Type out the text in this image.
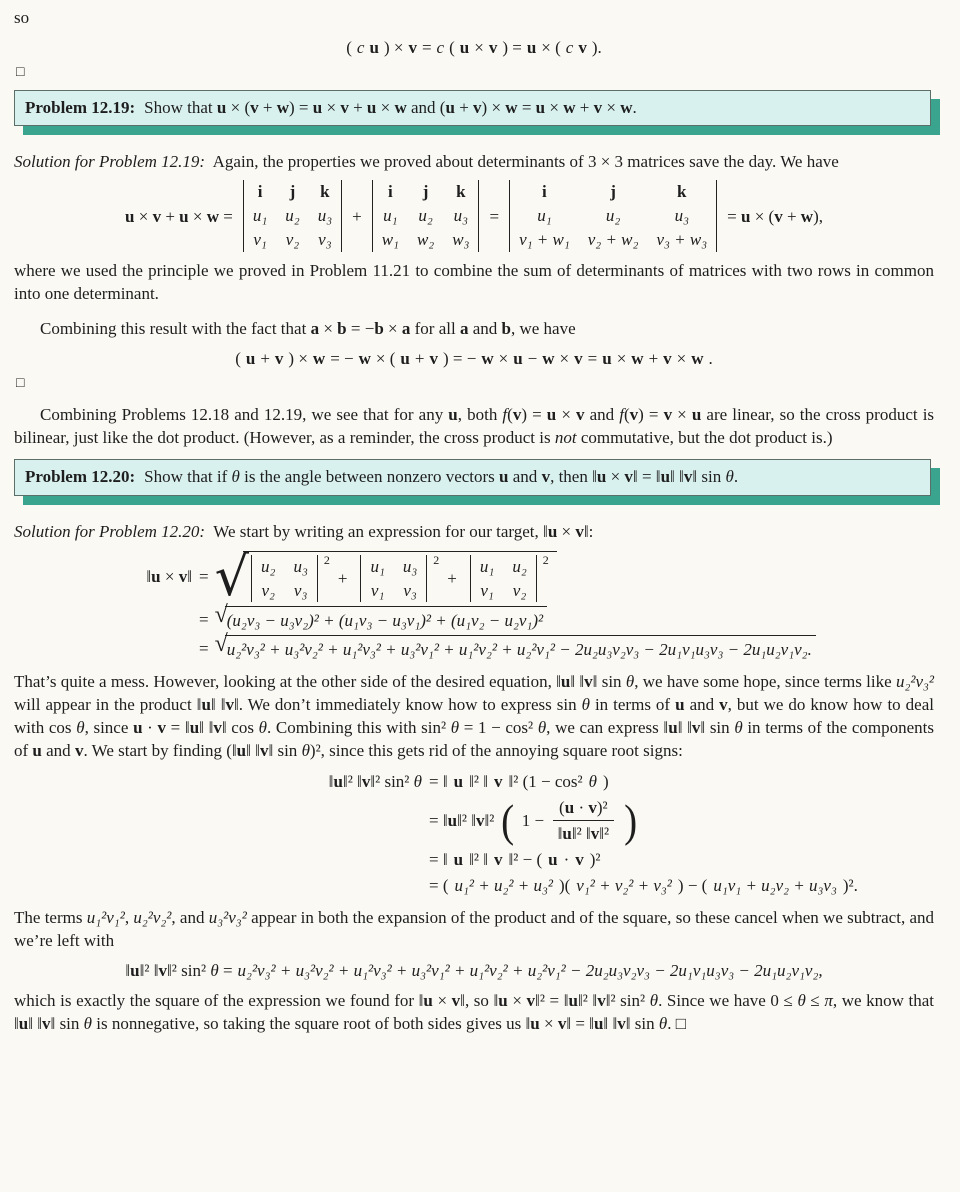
so

( c u ) × v = c ( u × v ) = u × ( c v ).
□
Problem 12.19: Show that u × (v + w) = u × v + u × w and (u + v) × w = u × w + v × w.

Solution for Problem 12.19: Again, the properties we proved about determinants of 3 × 3 matrices save the day. We have

u × v + u × w =
i	j	k
u₁	u₂	u₃
v₁	v₂	v₃
+
i	j	k
u₁	u₂	u₃
w₁	w₂	w₃
=
i	j	k
u₁	u₂	u₃
v₁ + w₁	v₂ + w₂	v₃ + w₃
= u × (v + w),

where we used the principle we proved in Problem 11.21 to combine the sum of determinants of matrices with two rows in common into one determinant.

Combining this result with the fact that a × b = −b × a for all a and b, we have

( u + v ) × w = − w × ( u + v ) = − w × u − w × v = u × w + v × w .
□

Combining Problems 12.18 and 12.19, we see that for any u, both f(v) = u × v and f(v) = v × u are linear, so the cross product is bilinear, just like the dot product. (However, as a reminder, the cross product is not commutative, but the dot product is.)

Problem 12.20: Show that if θ is the angle between nonzero vectors u and v, then ‖u × v‖ = ‖u‖ ‖v‖ sin θ.

Solution for Problem 12.20: We start by writing an expression for our target, ‖u × v‖:

‖u × v‖ = √ u₂	u₃
v₂	v₃
2
+
u₁	u₃
v₁	v₃
2
+
u₁	u₂
v₁	v₂
2
= √ (u₂v₃ − u₃v₂)² + (u₁v₃ − u₃v₁)² + (u₁v₂ − u₂v₁)²
= √ u₂²v₃² + u₃²v₂² + u₁²v₃² + u₃²v₁² + u₁²v₂² + u₂²v₁² − 2u₂u₃v₂v₃ − 2u₁v₁u₃v₃ − 2u₁u₂v₁v₂.

That’s quite a mess. However, looking at the other side of the desired equation, ‖u‖ ‖v‖ sin θ, we have some hope, since terms like u₂²v₃² will appear in the product ‖u‖ ‖v‖. We don’t immediately know how to express sin θ in terms of u and v, but we do know how to deal with cos θ, since u · v = ‖u‖ ‖v‖ cos θ. Combining this with sin² θ = 1 − cos² θ, we can express ‖u‖ ‖v‖ sin θ in terms of the components of u and v. We start by finding (‖u‖ ‖v‖ sin θ)², since this gets rid of the annoying square root signs:

‖u‖² ‖v‖² sin² θ = ‖ u ‖² ‖ v ‖² (1 − cos² θ )
= ‖u‖² ‖v‖² ( $1 - \frac{\text{(u · v)²}}{\text{‖u‖² ‖v‖²}}$ )
= ‖ u ‖² ‖ v ‖² − ( u · v )²
= ( u₁² + u₂² + u₃² )( v₁² + v₂² + v₃² ) − ( u₁v₁ + u₂v₂ + u₃v₃ )².

The terms u₁²v₁², u₂²v₂², and u₃²v₃² appear in both the expansion of the product and of the square, so these cancel when we subtract, and we’re left with

‖u‖² ‖v‖² sin² θ = u₂²v₃² + u₃²v₂² + u₁²v₃² + u₃²v₁² + u₁²v₂² + u₂²v₁² − 2u₂u₃v₂v₃ − 2u₁v₁u₃v₃ − 2u₁u₂v₁v₂,

which is exactly the square of the expression we found for ‖u × v‖, so ‖u × v‖² = ‖u‖² ‖v‖² sin² θ. Since we have 0 ≤ θ ≤ π, we know that ‖u‖ ‖v‖ sin θ is nonnegative, so taking the square root of both sides gives us ‖u × v‖ = ‖u‖ ‖v‖ sin θ. □
